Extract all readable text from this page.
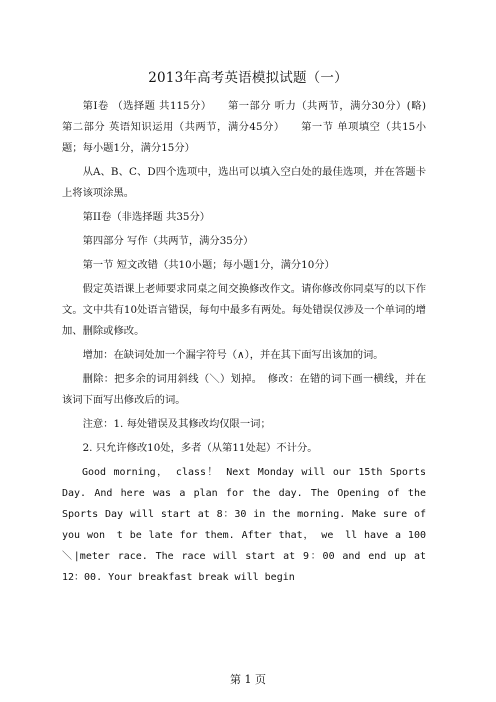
2013年高考英语模拟试题（一）

第Ⅰ卷 （选择题 共115分）　　第一部分 听力（共两节，满分30分）(略)　　第二部分 英语知识运用（共两节，满分45分）　　第一节 单项填空（共15小题；每小题1分，满分15分）

从A、B、C、D四个选项中，选出可以填入空白处的最佳选项，并在答题卡上将该项涂黑。

第II卷（非选择题 共35分）

第四部分 写作（共两节，满分35分）

第一节 短文改错（共10小题；每小题1分，满分10分）

假定英语课上老师要求同桌之间交换修改作文。请你修改你同桌写的以下作文。文中共有10处语言错误，每句中最多有两处。每处错误仅涉及一个单词的增加、删除或修改。

增加：在缺词处加一个漏字符号（∧），并在其下面写出该加的词。

删除：把多余的词用斜线（＼）划掉。　修改：在错的词下画一横线，并在该词下面写出修改后的词。

注意：1. 每处错误及其修改均仅限一词；

2. 只允许修改10处，多者（从第11处起）不计分。

Good morning， class！ Next Monday will our 15th Sports Day. And here was a plan for the day. The Opening of the Sports Day will start at 8：30 in the morning. Make sure of you won　t be late for them. After that， we　ll have a 100＼|meter race. The race will start at 9：00 and end up at 12：00. Your breakfast break will begin

第 1 页
